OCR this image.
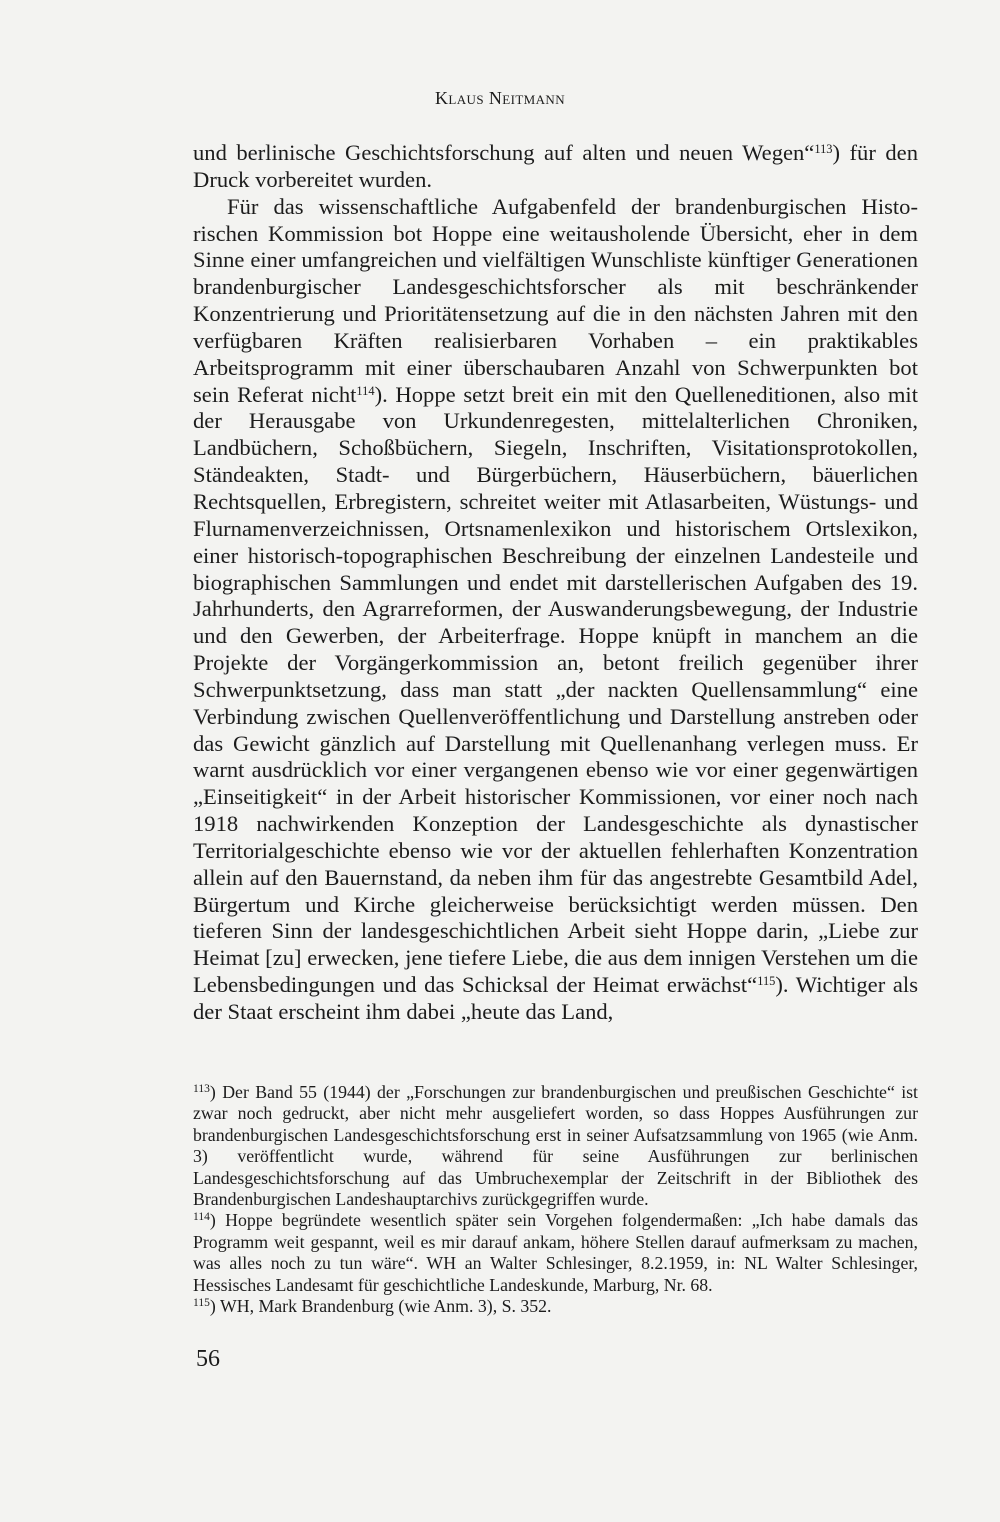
Klaus Neitmann

und berlinische Geschichtsforschung auf alten und neuen Wegen“$^{113}$) für den Druck vorbereitet wurden.

Für das wissenschaftliche Aufgabenfeld der brandenburgischen Historischen Kommission bot Hoppe eine weitausholende Übersicht, eher in dem Sinne einer umfangreichen und vielfältigen Wunschliste künftiger Generationen brandenburgischer Landesgeschichtsforscher als mit beschränkender Konzentrierung und Prioritätensetzung auf die in den nächsten Jahren mit den verfügbaren Kräften realisierbaren Vorhaben – ein praktikables Arbeitsprogramm mit einer überschaubaren Anzahl von Schwerpunkten bot sein Referat nicht$^{114}$). Hoppe setzt breit ein mit den Quelleneditionen, also mit der Herausgabe von Urkundenregesten, mittelalterlichen Chroniken, Landbüchern, Schoßbüchern, Siegeln, Inschriften, Visitationsprotokollen, Ständeakten, Stadt- und Bürgerbüchern, Häuserbüchern, bäuerlichen Rechtsquellen, Erbregistern, schreitet weiter mit Atlasarbeiten, Wüstungs- und Flurnamenverzeichnissen, Ortsnamenlexikon und historischem Ortslexikon, einer historisch-topographischen Beschreibung der einzelnen Landesteile und biographischen Sammlungen und endet mit darstellerischen Aufgaben des 19. Jahrhunderts, den Agrarreformen, der Auswanderungsbewegung, der Industrie und den Gewerben, der Arbeiterfrage. Hoppe knüpft in manchem an die Projekte der Vorgängerkommission an, betont freilich gegenüber ihrer Schwerpunktsetzung, dass man statt „der nackten Quellensammlung“ eine Verbindung zwischen Quellenveröffentlichung und Darstellung anstreben oder das Gewicht gänzlich auf Darstellung mit Quellenanhang verlegen muss. Er warnt ausdrücklich vor einer vergangenen ebenso wie vor einer gegenwärtigen „Einseitigkeit“ in der Arbeit historischer Kommissionen, vor einer noch nach 1918 nachwirkenden Konzeption der Landesgeschichte als dynastischer Territorialgeschichte ebenso wie vor der aktuellen fehlerhaften Konzentration allein auf den Bauernstand, da neben ihm für das angestrebte Gesamtbild Adel, Bürgertum und Kirche gleicherweise berücksichtigt werden müssen. Den tieferen Sinn der landesgeschichtlichen Arbeit sieht Hoppe darin, „Liebe zur Heimat [zu] erwecken, jene tiefere Liebe, die aus dem innigen Verstehen um die Lebensbedingungen und das Schicksal der Heimat erwächst“$^{115}$). Wichtiger als der Staat erscheint ihm dabei „heute das Land,

$^{113}$) Der Band 55 (1944) der „Forschungen zur brandenburgischen und preußischen Geschichte“ ist zwar noch gedruckt, aber nicht mehr ausgeliefert worden, so dass Hoppes Ausführungen zur brandenburgischen Landesgeschichtsforschung erst in seiner Aufsatzsammlung von 1965 (wie Anm. 3) veröffentlicht wurde, während für seine Ausführungen zur berlinischen Landesgeschichtsforschung auf das Umbruchexemplar der Zeitschrift in der Bibliothek des Brandenburgischen Landeshauptarchivs zurückgegriffen wurde.

$^{114}$) Hoppe begründete wesentlich später sein Vorgehen folgendermaßen: „Ich habe damals das Programm weit gespannt, weil es mir darauf ankam, höhere Stellen darauf aufmerksam zu machen, was alles noch zu tun wäre“. WH an Walter Schlesinger, 8.2.1959, in: NL Walter Schlesinger, Hessisches Landesamt für geschichtliche Landeskunde, Marburg, Nr. 68.

$^{115}$) WH, Mark Brandenburg (wie Anm. 3), S. 352.

56
